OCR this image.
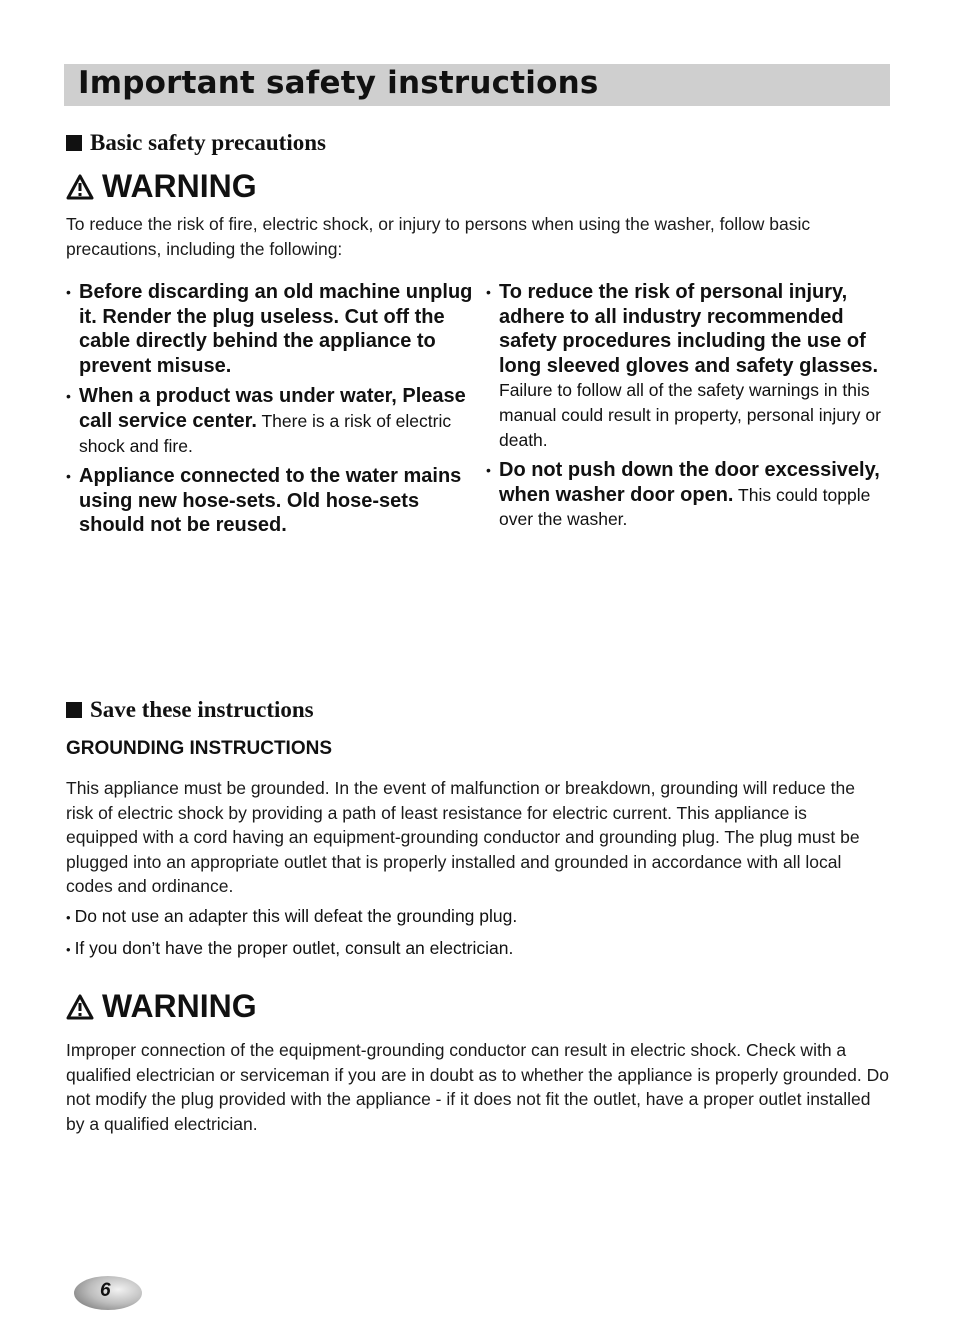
Important safety instructions
Basic safety precautions
WARNING

To reduce the risk of fire, electric shock, or injury to persons when using the washer, follow basic precautions, including the following:

• Before discarding an old machine unplug it. Render the plug useless. Cut off the cable directly behind the appliance to prevent misuse.
• When a product was under water, Please call service center. There is a risk of electric shock and fire.
• Appliance connected to the water mains using new hose-sets. Old hose-sets should not be reused.
• To reduce the risk of personal injury, adhere to all industry recommended safety procedures including the use of long sleeved gloves and safety glasses. Failure to follow all of the safety warnings in this manual could result in property, personal injury or death.
• Do not push down the door excessively, when washer door open. This could topple over the washer.
Save these instructions
GROUNDING INSTRUCTIONS

This appliance must be grounded. In the event of malfunction or breakdown, grounding will reduce the risk of electric shock by providing a path of least resistance for electric current. This appliance is equipped with a cord having an equipment-grounding conductor and grounding plug. The plug must be plugged into an appropriate outlet that is properly installed and grounded in accordance with all local codes and ordinance.

• Do not use an adapter this will defeat the grounding plug.
• If you don’t have the proper outlet, consult an electrician.
WARNING

Improper connection of the equipment-grounding conductor can result in electric shock. Check with a qualified electrician or serviceman if you are in doubt as to whether the appliance is properly grounded. Do not modify the plug provided with the appliance - if it does not fit the outlet, have a proper outlet installed by a qualified electrician.

6
